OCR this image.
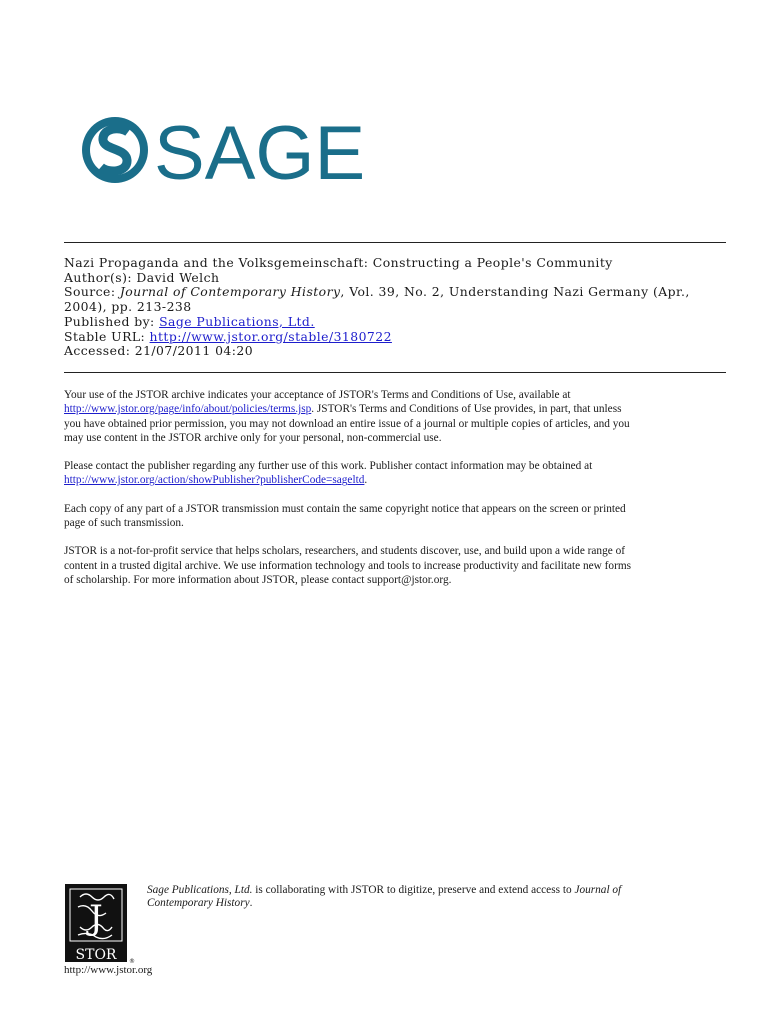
SAGE
Nazi Propaganda and the Volksgemeinschaft: Constructing a People's Community
Author(s): David Welch
Source: Journal of Contemporary History, Vol. 39, No. 2, Understanding Nazi Germany (Apr.,
2004), pp. 213-238
Published by: Sage Publications, Ltd.
Stable URL: http://www.jstor.org/stable/3180722
Accessed: 21/07/2011 04:20

Your use of the JSTOR archive indicates your acceptance of JSTOR's Terms and Conditions of Use, available at
http://www.jstor.org/page/info/about/policies/terms.jsp. JSTOR's Terms and Conditions of Use provides, in part, that unless
you have obtained prior permission, you may not download an entire issue of a journal or multiple copies of articles, and you
may use content in the JSTOR archive only for your personal, non-commercial use.

Please contact the publisher regarding any further use of this work. Publisher contact information may be obtained at
http://www.jstor.org/action/showPublisher?publisherCode=sageltd.

Each copy of any part of a JSTOR transmission must contain the same copyright notice that appears on the screen or printed
page of such transmission.

JSTOR is a not-for-profit service that helps scholars, researchers, and students discover, use, and build upon a wide range of
content in a trusted digital archive. We use information technology and tools to increase productivity and facilitate new forms
of scholarship. For more information about JSTOR, please contact support@jstor.org.

J
STOR ®
http://www.jstor.org
Sage Publications, Ltd. is collaborating with JSTOR to digitize, preserve and extend access to Journal of
Contemporary History.
